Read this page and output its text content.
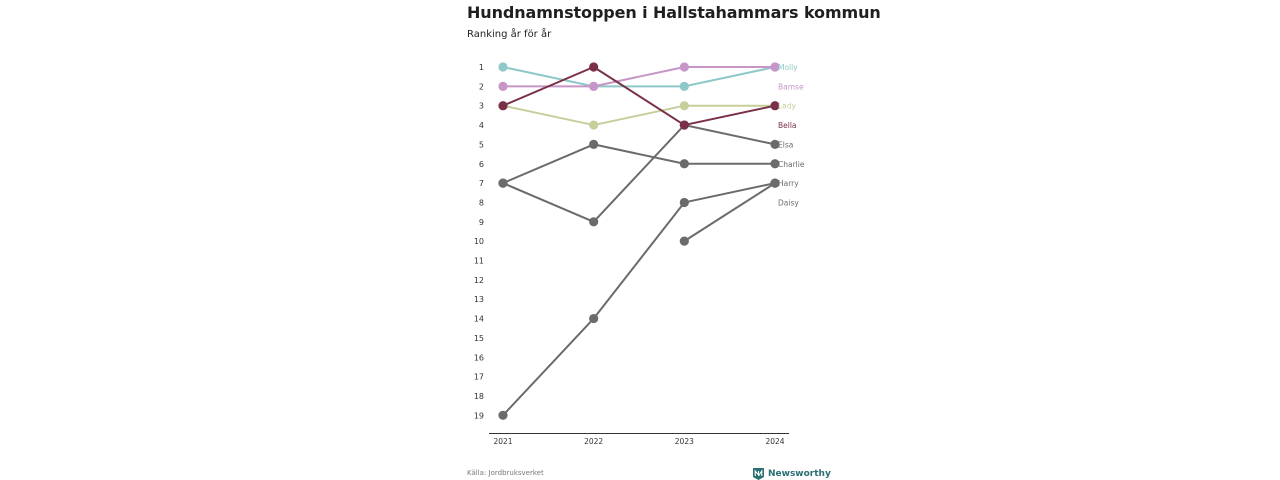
Hundnamnstoppen i Hallstahammars kommun
Ranking år för år
1
2
3
4
5
6
7
8
9
10
11
12
13
14
15
16
17
18
19
2021	2022	2023	2024
Molly
Bamse
Lady
Bella
Elsa
Charlie
Harry
Daisy
Källa: Jordbruksverket	Newsworthy
